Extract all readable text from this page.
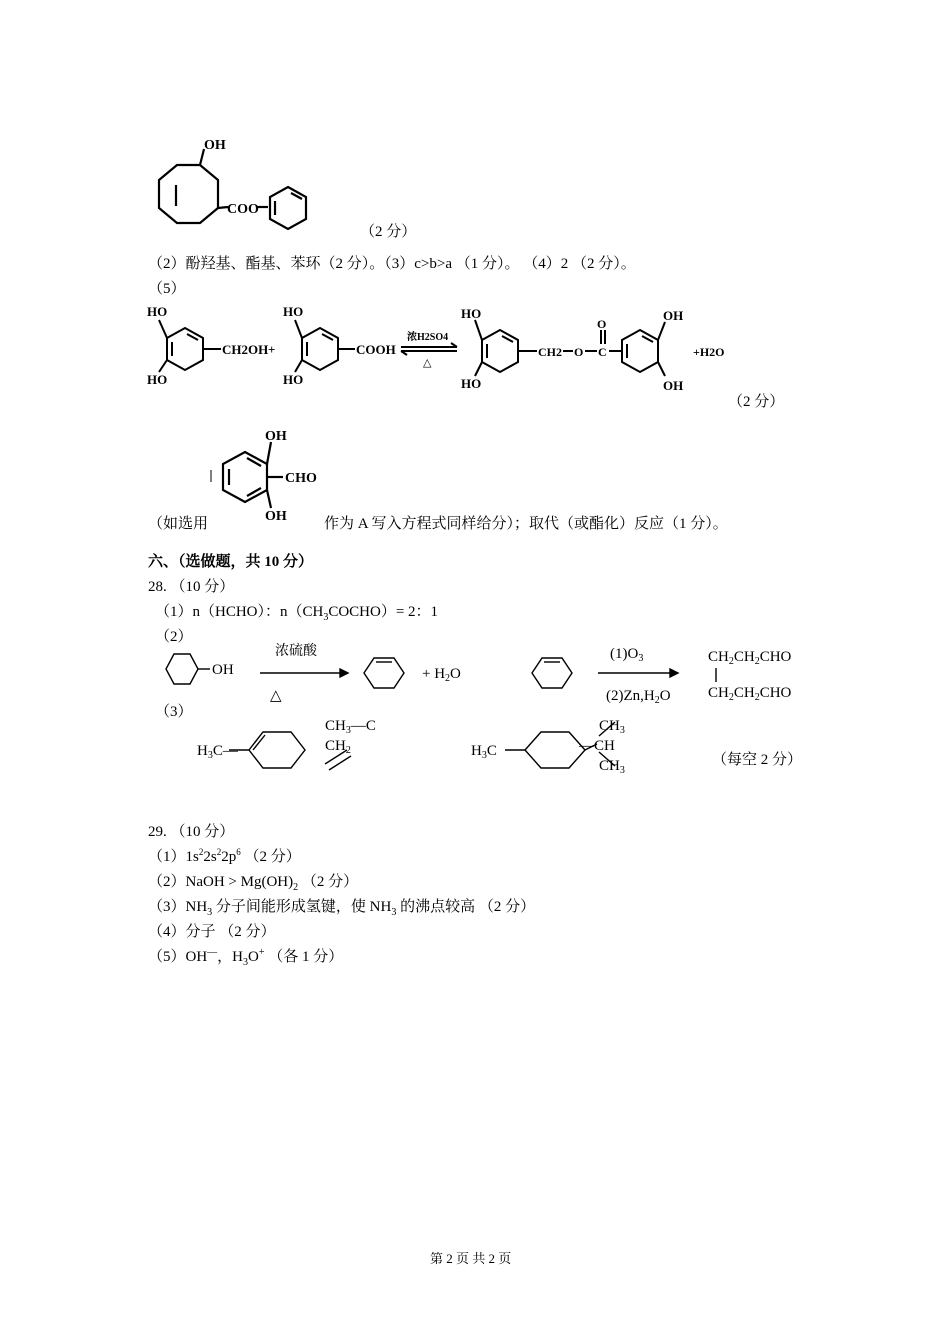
OH
COO
（2 分）
（2）酚羟基、酯基、苯环（2 分）。（3）c>b>a （1 分）。 （4）2 （2 分）。
（5）
HO
HO
CH2OH +
HO
HO
COOH
浓H2SO4
△
HO
HO
CH2 O C
O
OH
OH
+H2O
（2 分）
OH
CHO
OH
（如选用	作为 A 写入方程式同样给分）；取代（或酯化）反应（1 分）。
六、（选做题，共 10 分）
28. （10 分）
（1）n（HCHO）：$n(CH_3COCHO)= 2$：1
（2）
OH
浓硫酸
△
+ $H_2O$
$(1)O_3$
$(2)Zn,H_2O$
$CH_2CH_2CHO$
$CH_2CH_2CHO$
（3）
$H_3C—$
$CH_3—C$
$CH_2$	$H_3C$
$CH_3$
—CH
$CH_3$
（每空 2 分）
29. （10 分）
$(1)1s^22s^22p^6$ （2 分）
（2）NaOH > $Mg(OH)_2$ （2 分）
$(3)NH_3$ 分子间能形成氢键，使 $NH_3$ 的沸点较高 （2 分）
（4）分子 （2 分）
（5）OH—，$H_3O^+$ （各 1 分）
第 2 页 共 2 页
